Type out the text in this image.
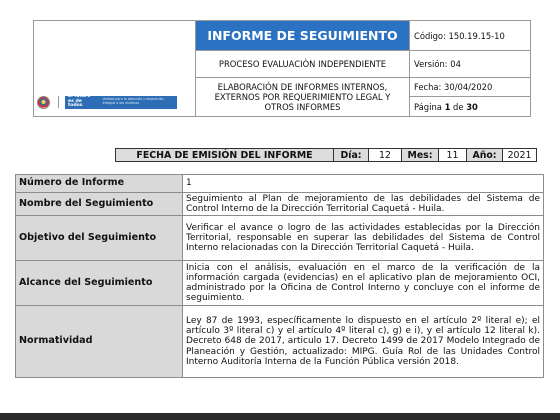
El futuro es de todos
Unidad para la atención y reparación integral a las víctimas
INFORME DE SEGUIMIENTO
PROCESO EVALUACIÒN INDEPENDIENTE
ELABORACIÓN DE INFORMES INTERNOS, EXTERNOS POR REQUERIMIENTO LEGAL Y OTROS INFORMES
Código: 150.19.15-10
Versión: 04
Fecha: 30/04/2020
Página 1 de 30
FECHA DE EMISIÓN DEL INFORME	Día:	12	Mes:	11	Año:	2021
Número de Informe	1
Nombre del Seguimiento	Seguimiento al Plan de mejoramiento de las debilidades del Sistema de Control Interno de la Dirección Territorial Caquetá - Huila.
Objetivo del Seguimiento	Verificar el avance o logro de las actividades establecidas por la Dirección Territorial, responsable en superar las debilidades del Sistema de Control Interno relacionadas con la Dirección Territorial Caquetá - Huila.
Alcance del Seguimiento	Inicia con el análisis, evaluación en el marco de la verificación de la información cargada (evidencias) en el aplicativo plan de mejoramiento OCI, administrado por la Oficina de Control Interno y concluye con el informe de seguimiento.
Normatividad	Ley 87 de 1993, específicamente lo dispuesto en el artículo 2º literal e); el artículo 3º literal c) y el artículo 4º literal c), g) e i), y el artículo 12 literal k). Decreto 648 de 2017, articulo 17. Decreto 1499 de 2017 Modelo Integrado de Planeación y Gestión, actualizado: MIPG. Guía Rol de las Unidades Control Interno Auditoría Interna de la Función Pública versión 2018.
